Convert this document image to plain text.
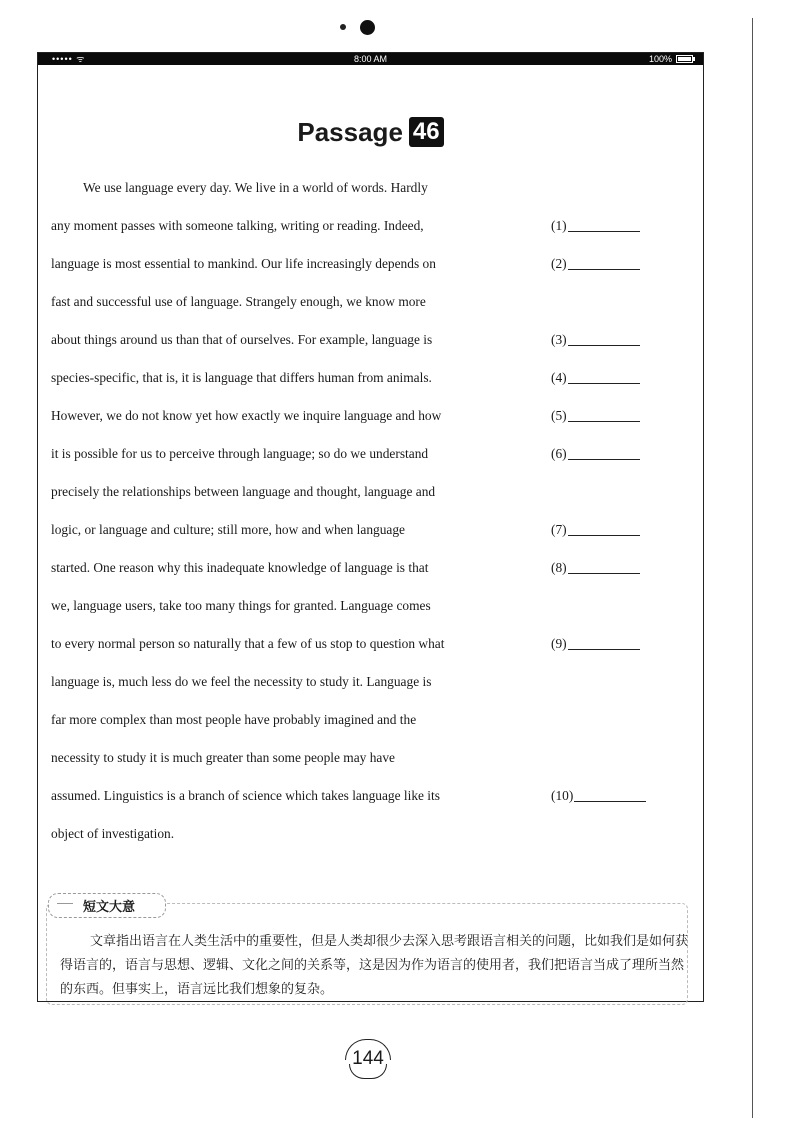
••••• ᯤ	8:00 AM	100%
Passage 46
We use language every day. We live in a world of words. Hardly
any moment passes with someone talking, writing or reading. Indeed,
language is most essential to mankind. Our life increasingly depends on
fast and successful use of language. Strangely enough, we know more
about things around us than that of ourselves. For example, language is
species-specific, that is, it is language that differs human from animals.
However, we do not know yet how exactly we inquire language and how
it is possible for us to perceive through language; so do we understand
precisely the relationships between language and thought, language and
logic, or language and culture; still more, how and when language
started. One reason why this inadequate knowledge of language is that
we, language users, take too many things for granted. Language comes
to every normal person so naturally that a few of us stop to question what
language is, much less do we feel the necessity to study it. Language is
far more complex than most people have probably imagined and the
necessity to study it is much greater than some people may have
assumed. Linguistics is a branch of science which takes language like its
object of investigation.
(1)
(2)
(3)
(4)
(5)
(6)
(7)
(8)
(9)
(10)
短文大意
文章指出语言在人类生活中的重要性，但是人类却很少去深入思考跟语言相关的问题，比如我们是如何获得语言的，语言与思想、逻辑、文化之间的关系等，这是因为作为语言的使用者，我们把语言当成了理所当然的东西。但事实上，语言远比我们想象的复杂。
144
